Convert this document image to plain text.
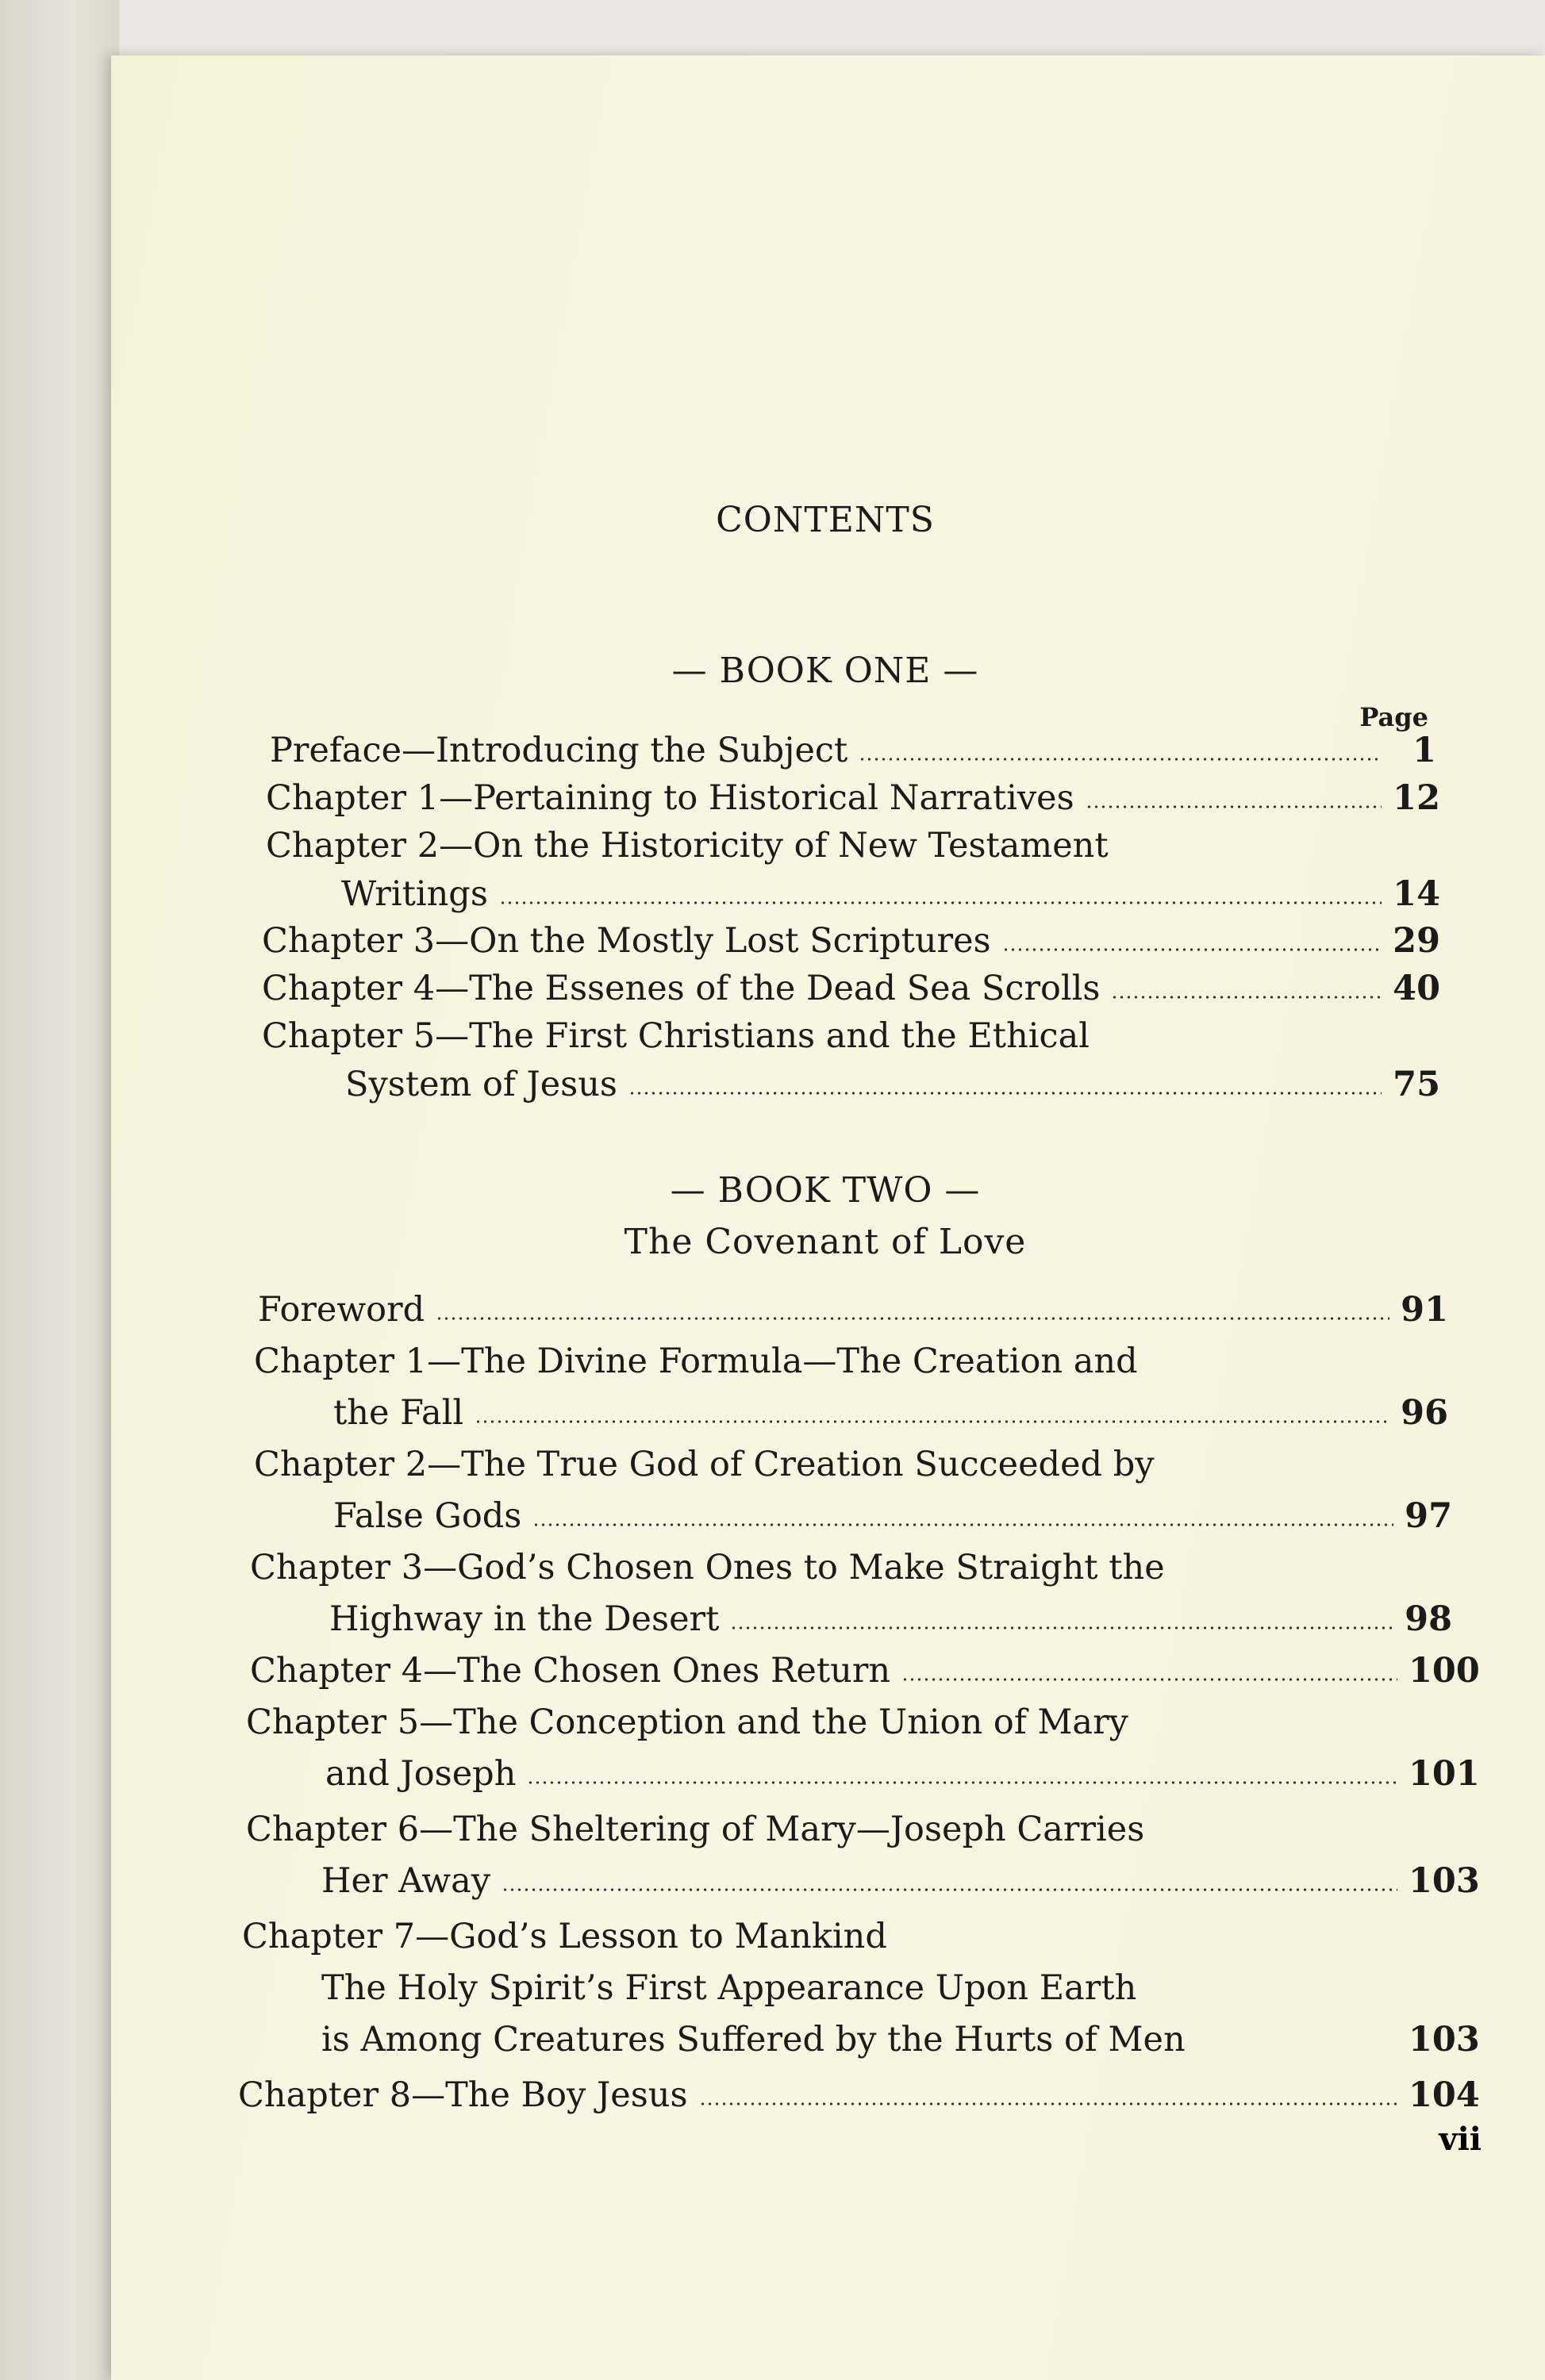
CONTENTS
— BOOK ONE —
Page
Preface—Introducing the Subject	1
Chapter 1—Pertaining to Historical Narratives	12
Chapter 2—On the Historicity of New Testament
Writings	14
Chapter 3—On the Mostly Lost Scriptures	29
Chapter 4—The Essenes of the Dead Sea Scrolls	40
Chapter 5—The First Christians and the Ethical
System of Jesus	75
— BOOK TWO —
The Covenant of Love
Foreword	91
Chapter 1—The Divine Formula—The Creation and
the Fall	96
Chapter 2—The True God of Creation Succeeded by
False Gods	97
Chapter 3—God’s Chosen Ones to Make Straight the
Highway in the Desert	98
Chapter 4—The Chosen Ones Return	100
Chapter 5—The Conception and the Union of Mary
and Joseph	101
Chapter 6—The Sheltering of Mary—Joseph Carries
Her Away	103
Chapter 7—God’s Lesson to Mankind
The Holy Spirit’s First Appearance Upon Earth
is Among Creatures Suffered by the Hurts of Men	103
Chapter 8—The Boy Jesus	104
vii
